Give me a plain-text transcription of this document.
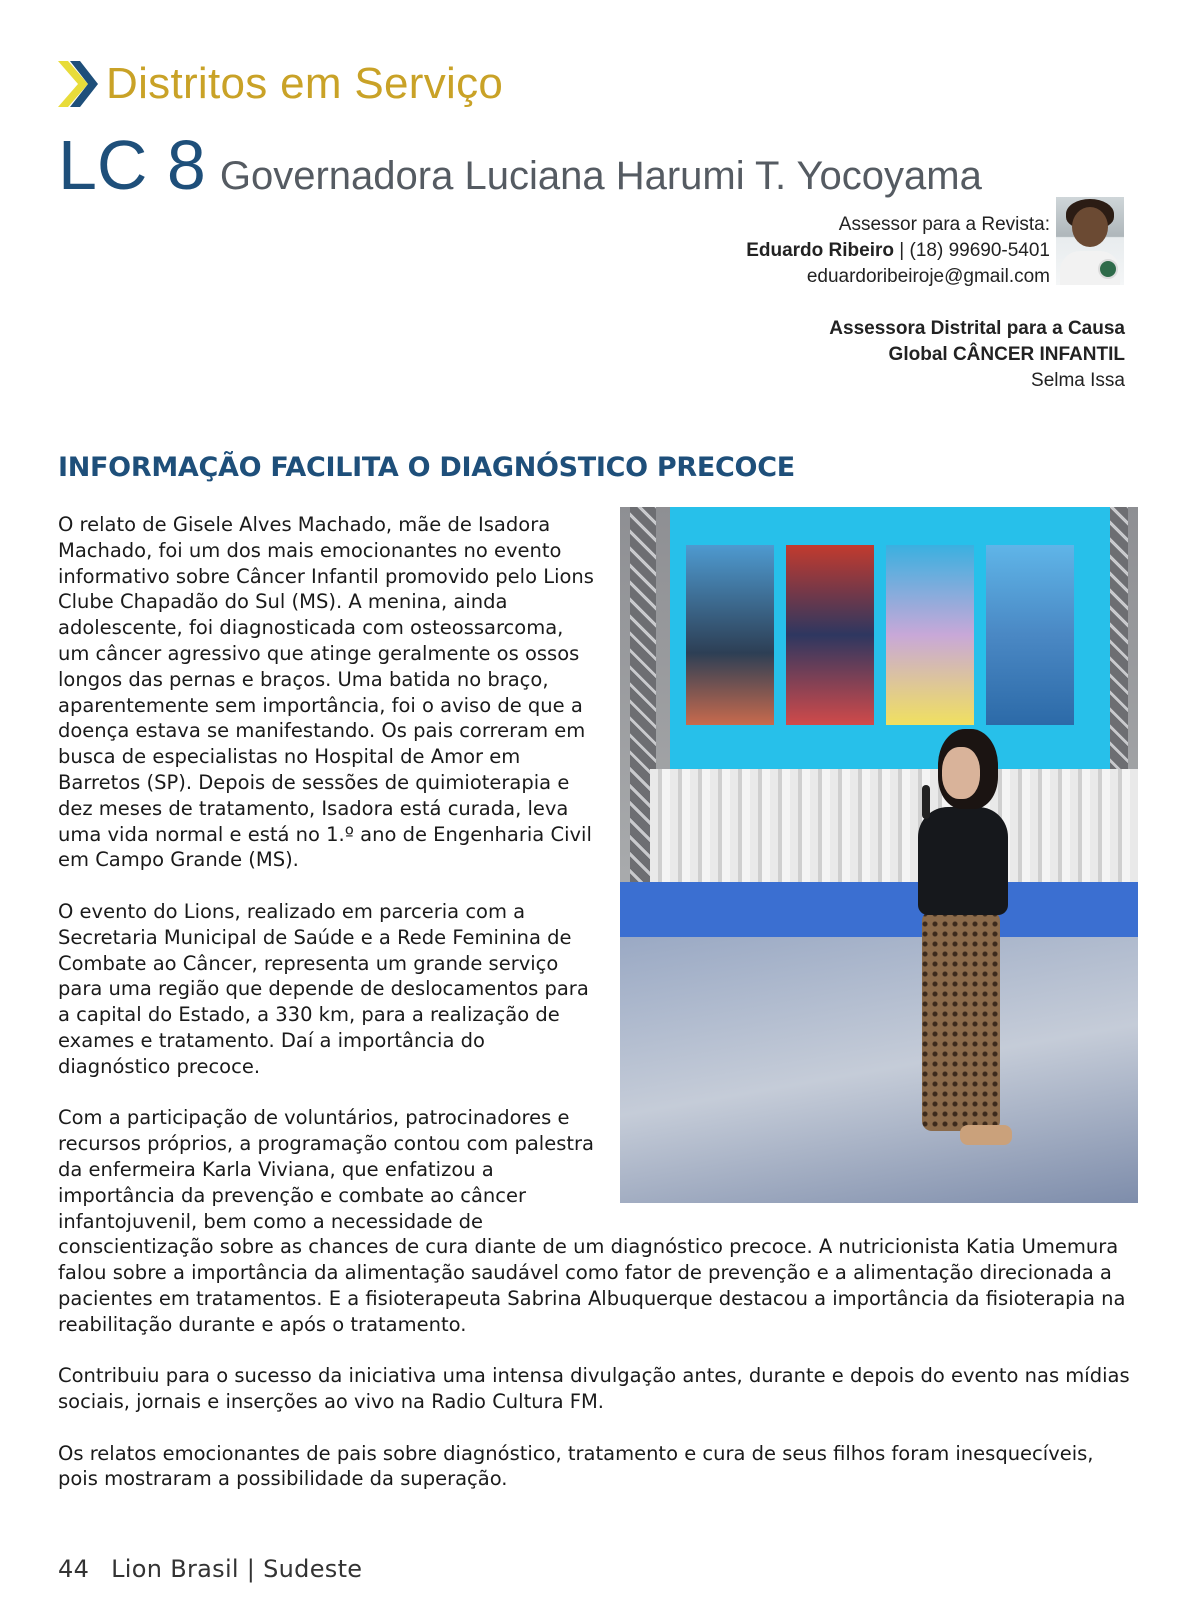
Distritos em Serviço
LC 8 Governadora Luciana Harumi T. Yocoyama
Assessor para a Revista:
Eduardo Ribeiro | (18) 99690-5401
eduardoribeiroje@gmail.com
Assessora Distrital para a Causa
Global CÂNCER INFANTIL
Selma Issa
INFORMAÇÃO FACILITA O DIAGNÓSTICO PRECOCE

O relato de Gisele Alves Machado, mãe de Isadora Machado, foi um dos mais emocionantes no evento informativo sobre Câncer Infantil promovido pelo Lions Clube Chapadão do Sul (MS). A menina, ainda adolescente, foi diagnosticada com osteossarcoma, um câncer agressivo que atinge geralmente os ossos longos das pernas e braços. Uma batida no braço, aparentemente sem importância, foi o aviso de que a doença estava se manifestando. Os pais correram em busca de especialistas no Hospital de Amor em Barretos (SP). Depois de sessões de quimioterapia e dez meses de tratamento, Isadora está curada, leva uma vida normal e está no 1.º ano de Engenharia Civil em Campo Grande (MS).

O evento do Lions, realizado em parceria com a Secretaria Municipal de Saúde e a Rede Feminina de Combate ao Câncer, representa um grande serviço para uma região que depende de deslocamentos para a capital do Estado, a 330 km, para a realização de exames e tratamento. Daí a importância do diagnóstico precoce.

Com a participação de voluntários, patrocinadores e recursos próprios, a programação contou com palestra da enfermeira Karla Viviana, que enfatizou a importância da prevenção e combate ao câncer infantojuvenil, bem como a necessidade de conscientização sobre as chances de cura diante de um diagnóstico precoce. A nutricionista Katia Umemura falou sobre a importância da alimentação saudável como fator de prevenção e a alimentação direcionada a pacientes em tratamentos. E a fisioterapeuta Sabrina Albuquerque destacou a importância da fisioterapia na reabilitação durante e após o tratamento.

Contribuiu para o sucesso da iniciativa uma intensa divulgação antes, durante e depois do evento nas mídias sociais, jornais e inserções ao vivo na Radio Cultura FM.

Os relatos emocionantes de pais sobre diagnóstico, tratamento e cura de seus filhos foram inesquecíveis, pois mostraram a possibilidade da superação.

44 Lion Brasil | Sudeste
